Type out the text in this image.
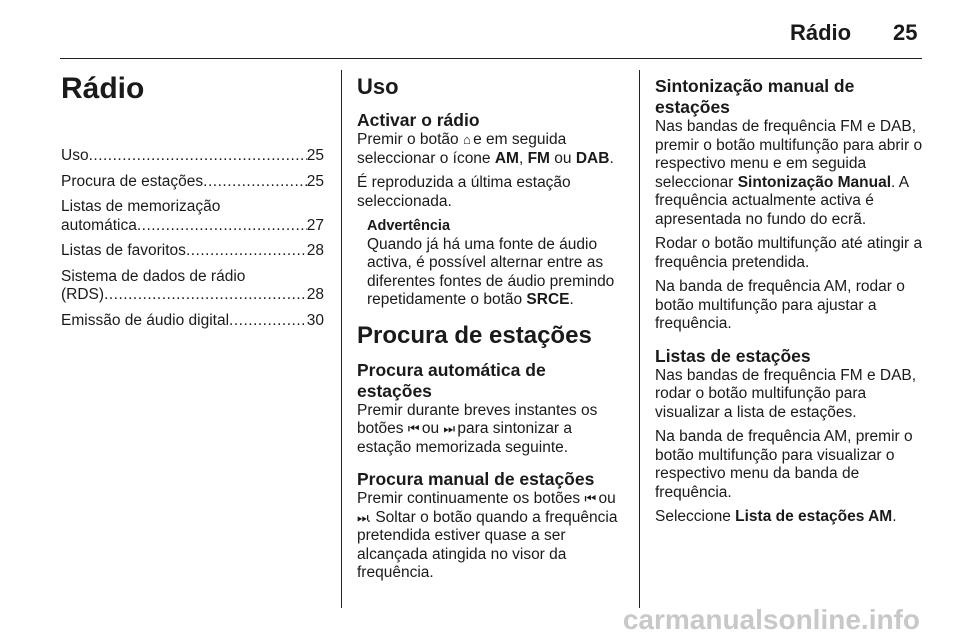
Rádio 25
Rádio
Uso .....	25
Procura de estações .....	25
Listas de memorização
automática .....	27
Listas de favoritos .....	28
Sistema de dados de rádio
(RDS) .....	28
Emissão de áudio digital .....	30
Uso
Activar o rádio

Premir o botão ⌂ e em seguida seleccionar o ícone AM, FM ou DAB.

É reproduzida a última estação seleccionada.

Advertência
Quando já há uma fonte de áudio activa, é possível alternar entre as diferentes fontes de áudio premindo repetidamente o botão SRCE.
Procura de estações
Procura automática de estações

Premir durante breves instantes os botões ⏮ ou ⏭ para sintonizar a estação memorizada seguinte.

Procura manual de estações

Premir continuamente os botões ⏮ ou ⏭. Soltar o botão quando a frequência pretendida estiver quase a ser alcançada atingida no visor da frequência.

Sintonização manual de estações

Nas bandas de frequência FM e DAB, premir o botão multifunção para abrir o respectivo menu e em seguida seleccionar Sintonização Manual. A frequência actualmente activa é apresentada no fundo do ecrã.

Rodar o botão multifunção até atingir a frequência pretendida.

Na banda de frequência AM, rodar o botão multifunção para ajustar a frequência.

Listas de estações

Nas bandas de frequência FM e DAB, rodar o botão multifunção para visualizar a lista de estações.

Na banda de frequência AM, premir o botão multifunção para visualizar o respectivo menu da banda de frequência.

Seleccione Lista de estações AM.

carmanualsonline.info
